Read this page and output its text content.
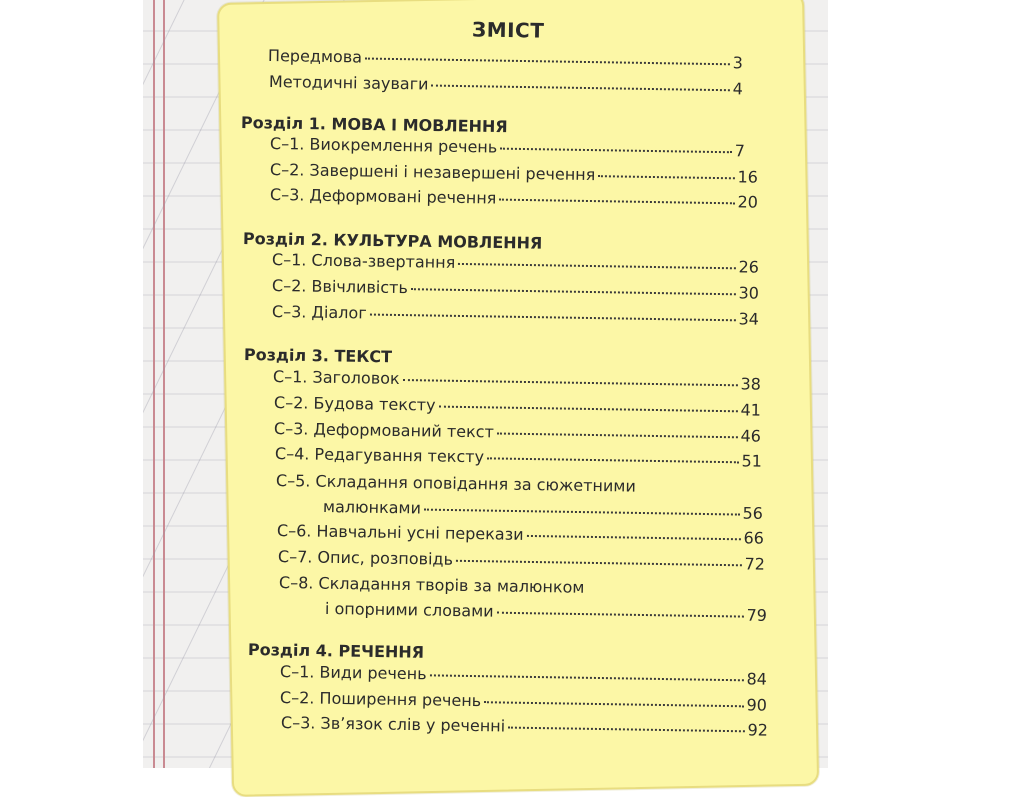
ЗМІСТ
Передмова	3
Методичні зауваги	4
Розділ 1. МОВА І МОВЛЕННЯ
С–1. Виокремлення речень	7
С–2. Завершені і незавершені речення	16
С–3. Деформовані речення	20
Розділ 2. КУЛЬТУРА МОВЛЕННЯ
С–1. Слова-звертання	26
С–2. Ввічливість	30
С–3. Діалог	34
Розділ 3. ТЕКСТ
С–1. Заголовок	38
С–2. Будова тексту	41
С–3. Деформований текст	46
С–4. Редагування тексту	51
С–5. Складання оповідання за сюжетними
малюнками	56
С–6. Навчальні усні перекази	66
С–7. Опис, розповідь	72
С–8. Складання творів за малюнком
і опорними словами	79
Розділ 4. РЕЧЕННЯ
С–1. Види речень	84
С–2. Поширення речень	90
С–3. Зв’язок слів у реченні	92
